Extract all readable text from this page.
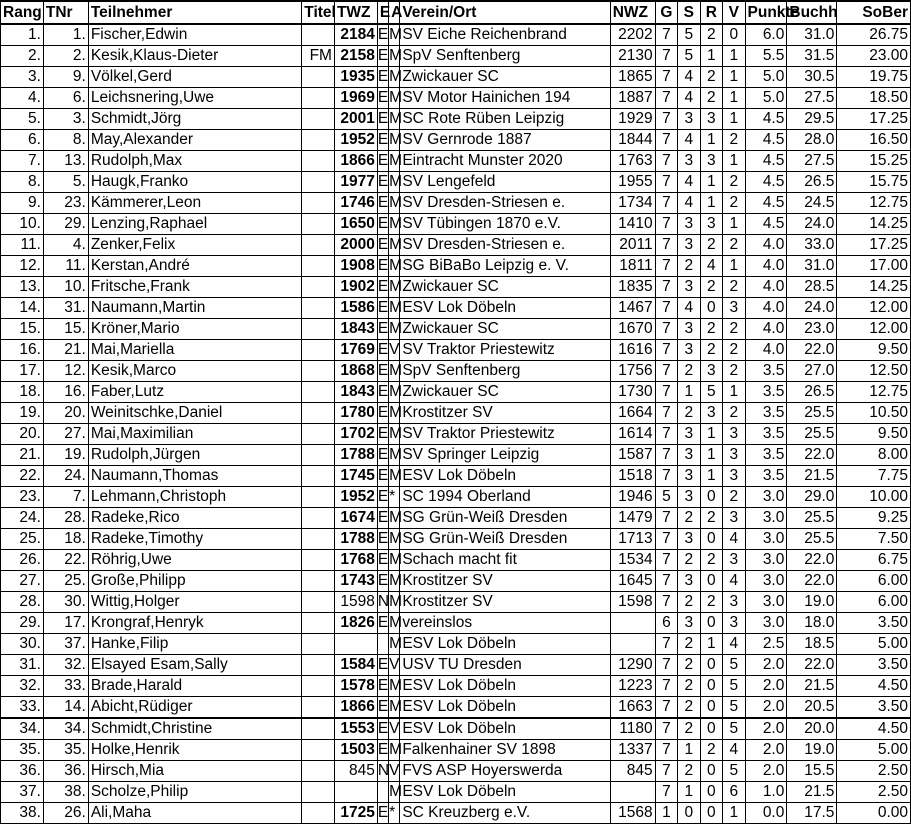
Rang	TNr	Teilnehmer	Titel	TWZ	E	A	Verein/Ort	NWZ	G	S	R	V	Punkte	Buchh	SoBer
1.	1.	Fischer,Edwin		2184	E	M	SV Eiche Reichenbrand	2202	7	5	2	0	6.0	31.0	26.75
2.	2.	Kesik,Klaus-Dieter	FM	2158	E	M	SpV Senftenberg	2130	7	5	1	1	5.5	31.5	23.00
3.	9.	Völkel,Gerd		1935	E	M	Zwickauer SC	1865	7	4	2	1	5.0	30.5	19.75
4.	6.	Leichsnering,Uwe		1969	E	M	SV Motor Hainichen 194	1887	7	4	2	1	5.0	27.5	18.50
5.	3.	Schmidt,Jörg		2001	E	M	SC Rote Rüben Leipzig	1929	7	3	3	1	4.5	29.5	17.25
6.	8.	May,Alexander		1952	E	M	SV Gernrode 1887	1844	7	4	1	2	4.5	28.0	16.50
7.	13.	Rudolph,Max		1866	E	M	Eintracht Munster 2020	1763	7	3	3	1	4.5	27.5	15.25
8.	5.	Haugk,Franko		1977	E	M	SV Lengefeld	1955	7	4	1	2	4.5	26.5	15.75
9.	23.	Kämmerer,Leon		1746	E	M	SV Dresden-Striesen e.	1734	7	4	1	2	4.5	24.5	12.75
10.	29.	Lenzing,Raphael		1650	E	M	SV Tübingen 1870 e.V.	1410	7	3	3	1	4.5	24.0	14.25
11.	4.	Zenker,Felix		2000	E	M	SV Dresden-Striesen e.	2011	7	3	2	2	4.0	33.0	17.25
12.	11.	Kerstan,André		1908	E	M	SG BiBaBo Leipzig e. V.	1811	7	2	4	1	4.0	31.0	17.00
13.	10.	Fritsche,Frank		1902	E	M	Zwickauer SC	1835	7	3	2	2	4.0	28.5	14.25
14.	31.	Naumann,Martin		1586	E	M	ESV Lok Döbeln	1467	7	4	0	3	4.0	24.0	12.00
15.	15.	Kröner,Mario		1843	E	M	Zwickauer SC	1670	7	3	2	2	4.0	23.0	12.00
16.	21.	Mai,Mariella		1769	E	V	SV Traktor Priestewitz	1616	7	3	2	2	4.0	22.0	9.50
17.	12.	Kesik,Marco		1868	E	M	SpV Senftenberg	1756	7	2	3	2	3.5	27.0	12.50
18.	16.	Faber,Lutz		1843	E	M	Zwickauer SC	1730	7	1	5	1	3.5	26.5	12.75
19.	20.	Weinitschke,Daniel		1780	E	M	Krostitzer SV	1664	7	2	3	2	3.5	25.5	10.50
20.	27.	Mai,Maximilian		1702	E	M	SV Traktor Priestewitz	1614	7	3	1	3	3.5	25.5	9.50
21.	19.	Rudolph,Jürgen		1788	E	M	SV Springer Leipzig	1587	7	3	1	3	3.5	22.0	8.00
22.	24.	Naumann,Thomas		1745	E	M	ESV Lok Döbeln	1518	7	3	1	3	3.5	21.5	7.75
23.	7.	Lehmann,Christoph		1952	E	*	SC 1994 Oberland	1946	5	3	0	2	3.0	29.0	10.00
24.	28.	Radeke,Rico		1674	E	M	SG Grün-Weiß Dresden	1479	7	2	2	3	3.0	25.5	9.25
25.	18.	Radeke,Timothy		1788	E	M	SG Grün-Weiß Dresden	1713	7	3	0	4	3.0	25.5	7.50
26.	22.	Röhrig,Uwe		1768	E	M	Schach macht fit	1534	7	2	2	3	3.0	22.0	6.75
27.	25.	Große,Philipp		1743	E	M	Krostitzer SV	1645	7	3	0	4	3.0	22.0	6.00
28.	30.	Wittig,Holger		1598	N	M	Krostitzer SV	1598	7	2	2	3	3.0	19.0	6.00
29.	17.	Krongraf,Henryk		1826	E	M	vereinslos		6	3	0	3	3.0	18.0	3.50
30.	37.	Hanke,Filip				M	ESV Lok Döbeln		7	2	1	4	2.5	18.5	5.00
31.	32.	Elsayed Esam,Sally		1584	E	V	USV TU Dresden	1290	7	2	0	5	2.0	22.0	3.50
32.	33.	Brade,Harald		1578	E	M	ESV Lok Döbeln	1223	7	2	0	5	2.0	21.5	4.50
33.	14.	Abicht,Rüdiger		1866	E	M	ESV Lok Döbeln	1663	7	2	0	5	2.0	20.5	3.50
34.	34.	Schmidt,Christine		1553	E	V	ESV Lok Döbeln	1180	7	2	0	5	2.0	20.0	4.50
35.	35.	Holke,Henrik		1503	E	M	Falkenhainer SV 1898	1337	7	1	2	4	2.0	19.0	5.00
36.	36.	Hirsch,Mia		845	N	V	FVS ASP Hoyerswerda	845	7	2	0	5	2.0	15.5	2.50
37.	38.	Scholze,Philip				M	ESV Lok Döbeln		7	1	0	6	1.0	21.5	2.50
38.	26.	Ali,Maha		1725	E	*	SC Kreuzberg e.V.	1568	1	0	0	1	0.0	17.5	0.00
